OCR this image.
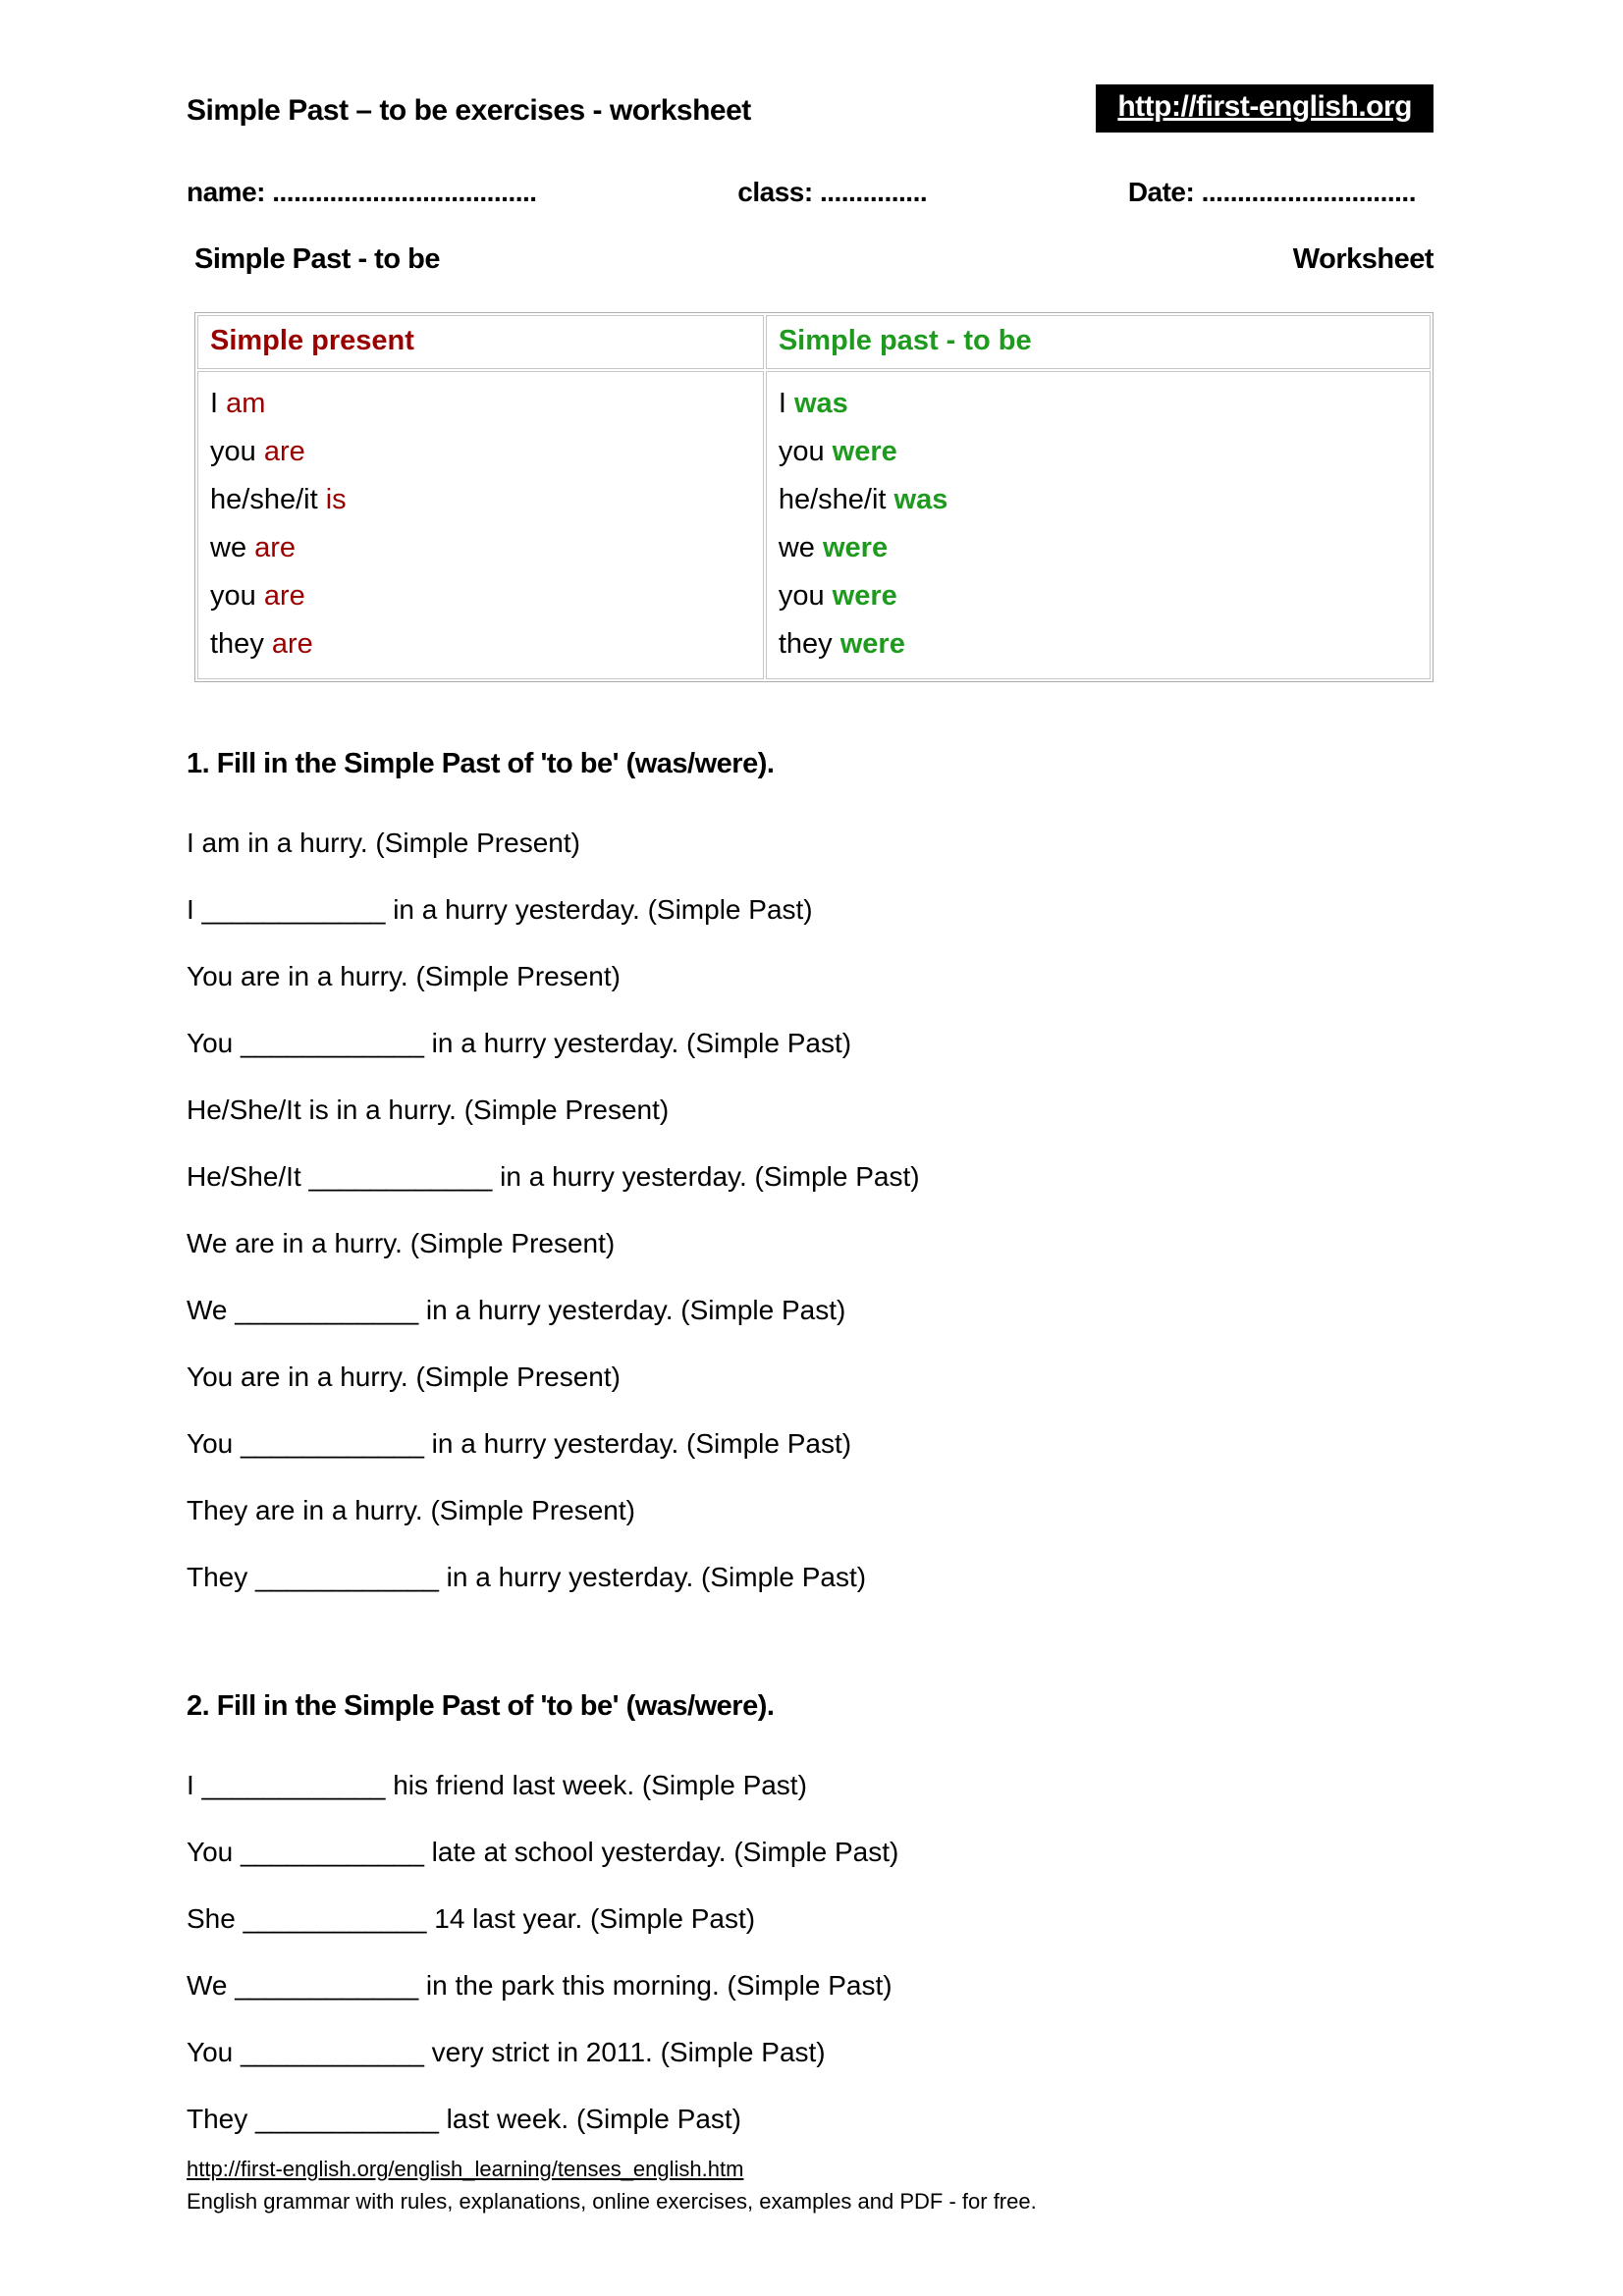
Simple Past – to be exercises - worksheet	http://first-english.org
name: .....................................	class: ...............	Date: ..............................
Simple Past - to be	Worksheet
Simple present	Simple past - to be

I am
you are
he/she/it is
we are
you are
they are

I was
you were
he/she/it was
we were
you were
they were
1. Fill in the Simple Past of 'to be' (was/were).

I am in a hurry. (Simple Present)

I ____________ in a hurry yesterday. (Simple Past)

You are in a hurry. (Simple Present)

You ____________ in a hurry yesterday. (Simple Past)

He/She/It is in a hurry. (Simple Present)

He/She/It ____________ in a hurry yesterday. (Simple Past)

We are in a hurry. (Simple Present)

We ____________ in a hurry yesterday. (Simple Past)

You are in a hurry. (Simple Present)

You ____________ in a hurry yesterday. (Simple Past)

They are in a hurry. (Simple Present)

They ____________ in a hurry yesterday. (Simple Past)

2. Fill in the Simple Past of 'to be' (was/were).

I ____________ his friend last week. (Simple Past)

You ____________ late at school yesterday. (Simple Past)

She ____________ 14 last year. (Simple Past)

We ____________ in the park this morning. (Simple Past)

You ____________ very strict in 2011. (Simple Past)

They ____________ last week. (Simple Past)

http://first-english.org/english_learning/tenses_english.htm
English grammar with rules, explanations, online exercises, examples and PDF - for free.
